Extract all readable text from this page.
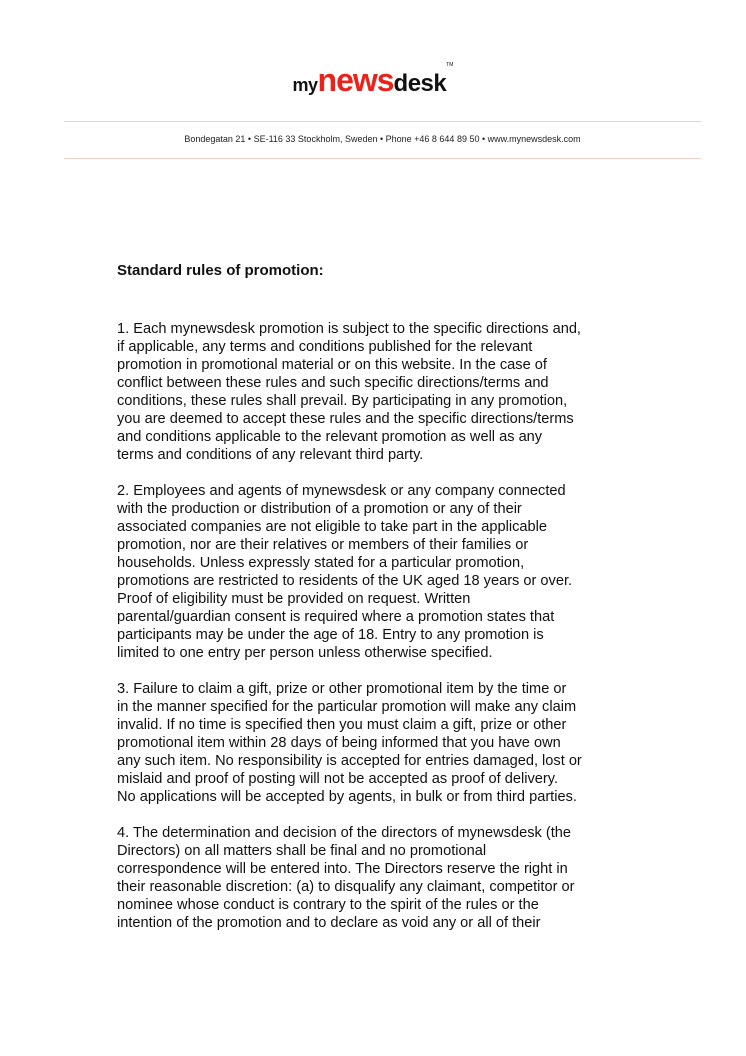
mynewsdeskTM
Bondegatan 21 • SE-116 33 Stockholm, Sweden • Phone +46 8 644 89 50 • www.mynewsdesk.com
Standard rules of promotion:

1. Each mynewsdesk promotion is subject to the specific directions and,
if applicable, any terms and conditions published for the relevant
promotion in promotional material or on this website. In the case of
conflict between these rules and such specific directions/terms and
conditions, these rules shall prevail. By participating in any promotion,
you are deemed to accept these rules and the specific directions/terms
and conditions applicable to the relevant promotion as well as any
terms and conditions of any relevant third party.

2. Employees and agents of mynewsdesk or any company connected
with the production or distribution of a promotion or any of their
associated companies are not eligible to take part in the applicable
promotion, nor are their relatives or members of their families or
households. Unless expressly stated for a particular promotion,
promotions are restricted to residents of the UK aged 18 years or over.
Proof of eligibility must be provided on request. Written
parental/guardian consent is required where a promotion states that
participants may be under the age of 18. Entry to any promotion is
limited to one entry per person unless otherwise specified.

3. Failure to claim a gift, prize or other promotional item by the time or
in the manner specified for the particular promotion will make any claim
invalid. If no time is specified then you must claim a gift, prize or other
promotional item within 28 days of being informed that you have own
any such item. No responsibility is accepted for entries damaged, lost or
mislaid and proof of posting will not be accepted as proof of delivery.
No applications will be accepted by agents, in bulk or from third parties.

4. The determination and decision of the directors of mynewsdesk (the
Directors) on all matters shall be final and no promotional
correspondence will be entered into. The Directors reserve the right in
their reasonable discretion: (a) to disqualify any claimant, competitor or
nominee whose conduct is contrary to the spirit of the rules or the
intention of the promotion and to declare as void any or all of their
